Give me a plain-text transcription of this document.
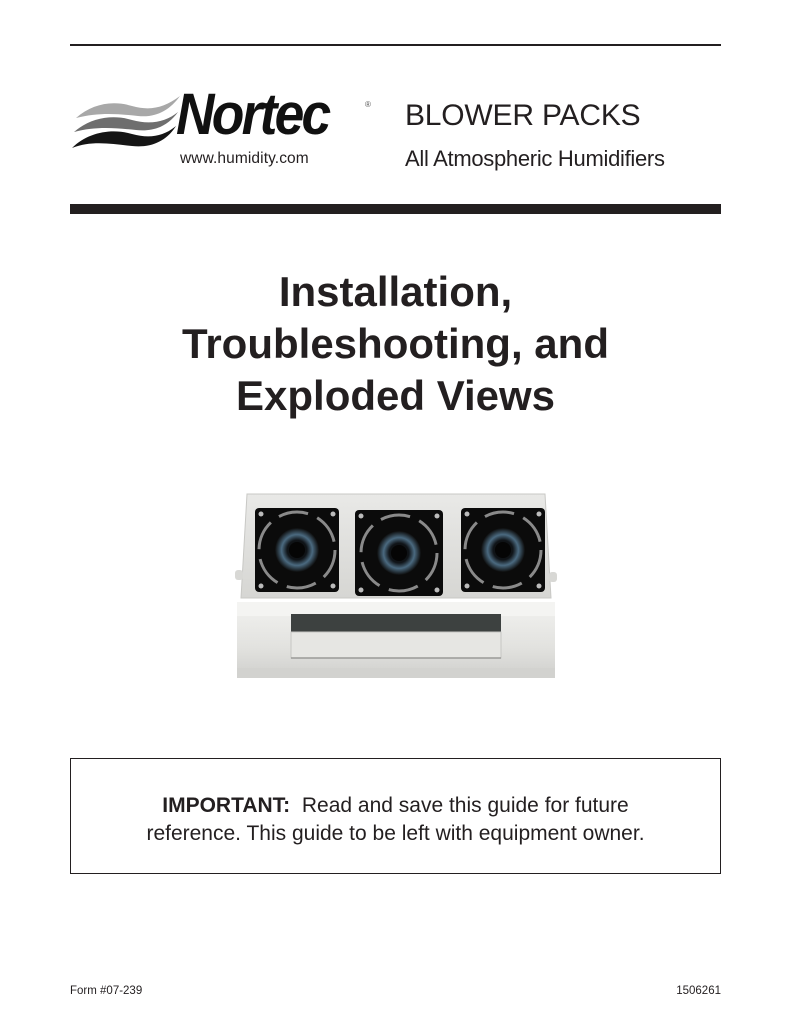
Nortec	®
www.humidity.com
BLOWER PACKS
All Atmospheric Humidifiers
Installation,
Troubleshooting, and
Exploded Views
IMPORTANT: Read and save this guide for future
reference. This guide to be left with equipment owner.
Form #07-239	1506261
